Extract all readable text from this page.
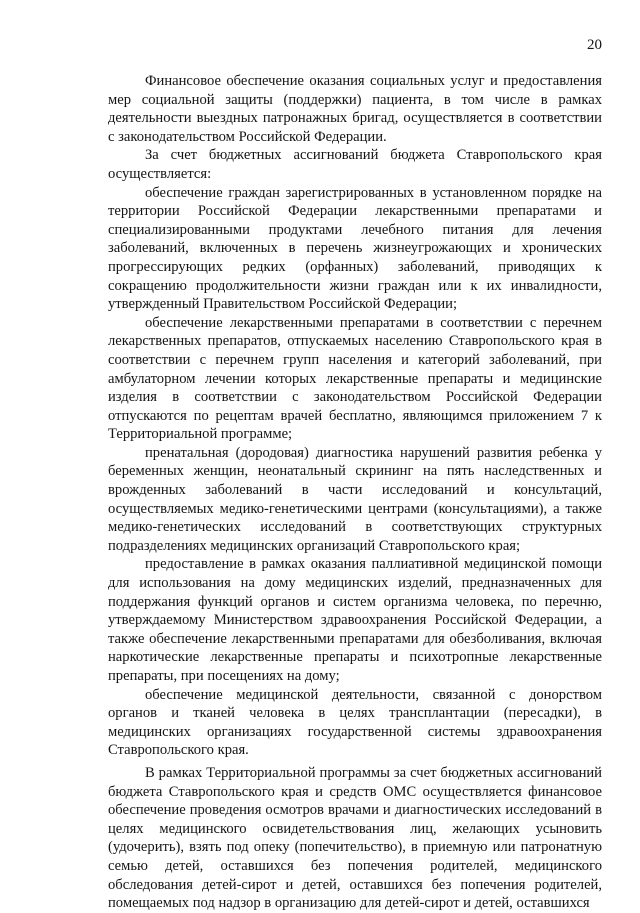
20

Финансовое обеспечение оказания социальных услуг и предоставления мер социальной защиты (поддержки) пациента, в том числе в рамках деятельности выездных патронажных бригад, осуществляется в соответствии с законодательством Российской Федерации.

За счет бюджетных ассигнований бюджета Ставропольского края осуществляется:

обеспечение граждан зарегистрированных в установленном порядке на территории Российской Федерации лекарственными препаратами и специализированными продуктами лечебного питания для лечения заболеваний, включенных в перечень жизнеугрожающих и хронических прогрессирующих редких (орфанных) заболеваний, приводящих к сокращению продолжительности жизни граждан или к их инвалидности, утвержденный Правительством Российской Федерации;

обеспечение лекарственными препаратами в соответствии с перечнем лекарственных препаратов, отпускаемых населению Ставропольского края в соответствии с перечнем групп населения и категорий заболеваний, при амбулаторном лечении которых лекарственные препараты и медицинские изделия в соответствии с законодательством Российской Федерации отпускаются по рецептам врачей бесплатно, являющимся приложением 7 к Территориальной программе;

пренатальная (дородовая) диагностика нарушений развития ребенка у беременных женщин, неонатальный скрининг на пять наследственных и врожденных заболеваний в части исследований и консультаций, осуществляемых медико-генетическими центрами (консультациями), а также медико-генетических исследований в соответствующих структурных подразделениях медицинских организаций Ставропольского края;

предоставление в рамках оказания паллиативной медицинской помощи для использования на дому медицинских изделий, предназначенных для поддержания функций органов и систем организма человека, по перечню, утверждаемому Министерством здравоохранения Российской Федерации, а также обеспечение лекарственными препаратами для обезболивания, включая наркотические лекарственные препараты и психотропные лекарственные препараты, при посещениях на дому;

обеспечение медицинской деятельности, связанной с донорством органов и тканей человека в целях трансплантации (пересадки), в медицинских организациях государственной системы здравоохранения Ставропольского края.

В рамках Территориальной программы за счет бюджетных ассигнований бюджета Ставропольского края и средств ОМС осуществляется финансовое обеспечение проведения осмотров врачами и диагностических исследований в целях медицинского освидетельствования лиц, желающих усыновить (удочерить), взять под опеку (попечительство), в приемную или патронатную семью детей, оставшихся без попечения родителей, медицинского обследования детей-сирот и детей, оставшихся без попечения родителей, помещаемых под надзор в организацию для детей-сирот и детей, оставшихся
